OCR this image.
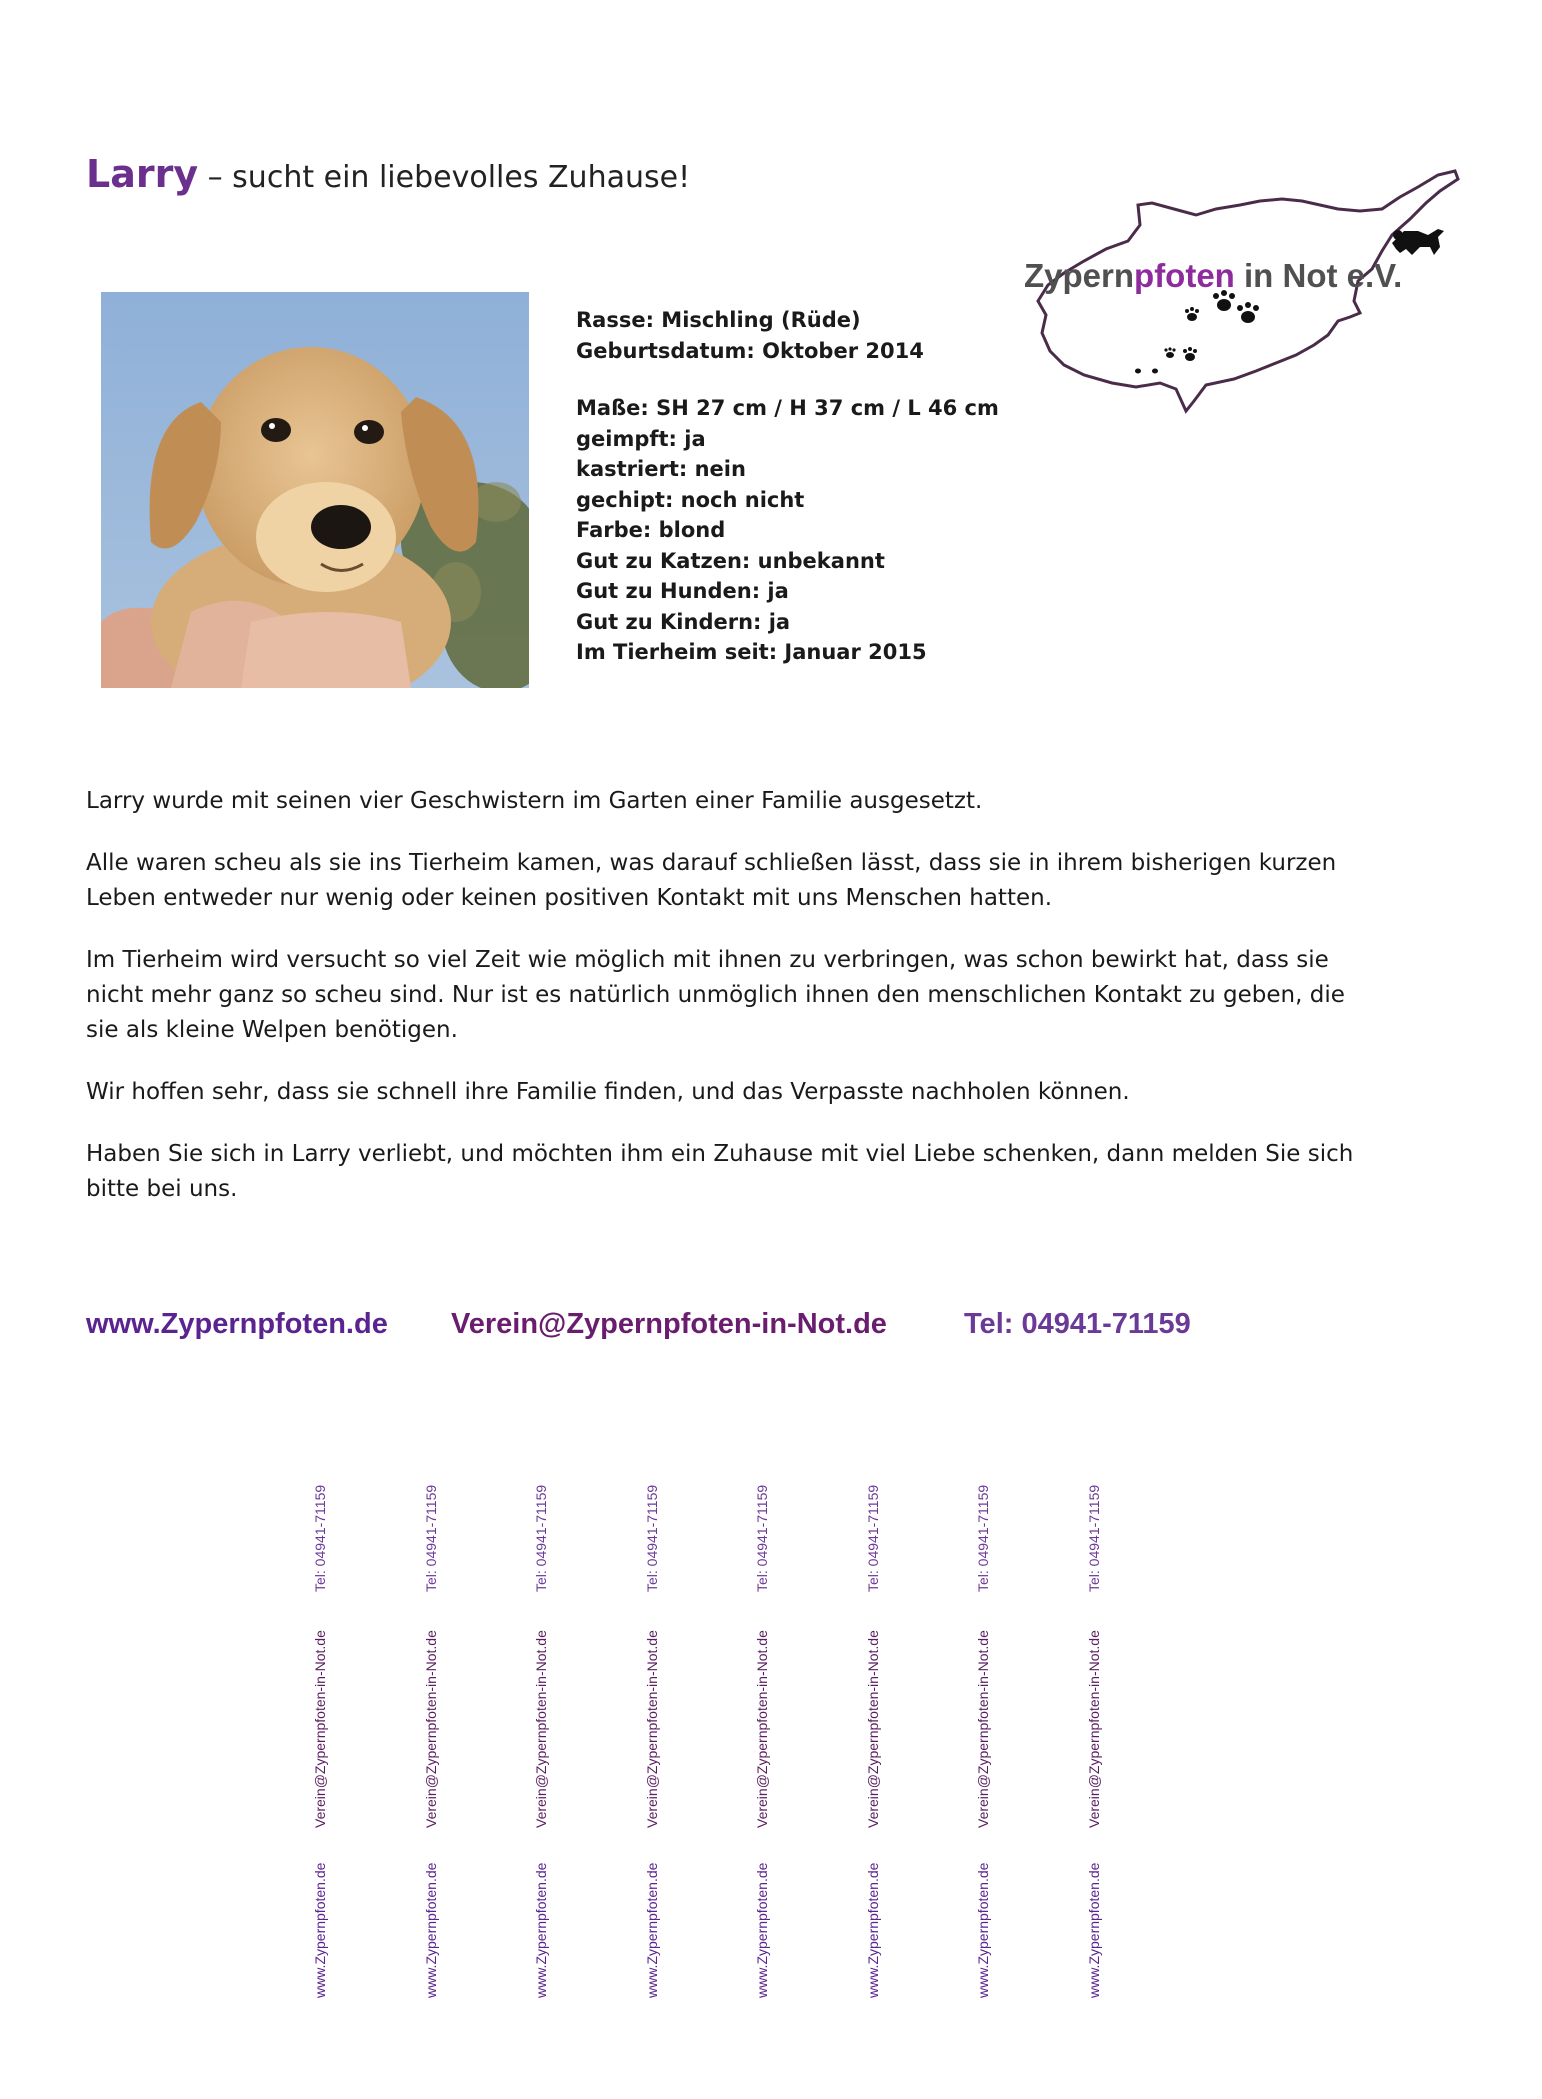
Larry – sucht ein liebevolles Zuhause!
Zypernpfoten in Not e.V.
Rasse: Mischling (Rüde)
Geburtsdatum: Oktober 2014
Maße: SH 27 cm / H 37 cm / L 46 cm
geimpft: ja
kastriert: nein
gechipt: noch nicht
Farbe: blond
Gut zu Katzen: unbekannt
Gut zu Hunden: ja
Gut zu Kindern: ja
Im Tierheim seit: Januar 2015

Larry wurde mit seinen vier Geschwistern im Garten einer Familie ausgesetzt.

Alle waren scheu als sie ins Tierheim kamen, was darauf schließen lässt, dass sie in ihrem bisherigen kurzen Leben entweder nur wenig oder keinen positiven Kontakt mit uns Menschen hatten.

Im Tierheim wird versucht so viel Zeit wie möglich mit ihnen zu verbringen, was schon bewirkt hat, dass sie nicht mehr ganz so scheu sind. Nur ist es natürlich unmöglich ihnen den menschlichen Kontakt zu geben, die sie als kleine Welpen benötigen.

Wir hoffen sehr, dass sie schnell ihre Familie finden, und das Verpasste nachholen können.

Haben Sie sich in Larry verliebt, und möchten ihm ein Zuhause mit viel Liebe schenken, dann melden Sie sich bitte bei uns.

www.Zypernpfoten.de Verein@Zypernpfoten-in-Not.de	Tel: 04941-71159
Tel: 04941-71159
Verein@Zypernpfoten-in-Not.de
www.Zypernpfoten.de
Tel: 04941-71159
Verein@Zypernpfoten-in-Not.de
www.Zypernpfoten.de
Tel: 04941-71159
Verein@Zypernpfoten-in-Not.de
www.Zypernpfoten.de
Tel: 04941-71159
Verein@Zypernpfoten-in-Not.de
www.Zypernpfoten.de
Tel: 04941-71159
Verein@Zypernpfoten-in-Not.de
www.Zypernpfoten.de
Tel: 04941-71159
Verein@Zypernpfoten-in-Not.de
www.Zypernpfoten.de
Tel: 04941-71159
Verein@Zypernpfoten-in-Not.de
www.Zypernpfoten.de
Tel: 04941-71159
Verein@Zypernpfoten-in-Not.de
www.Zypernpfoten.de
